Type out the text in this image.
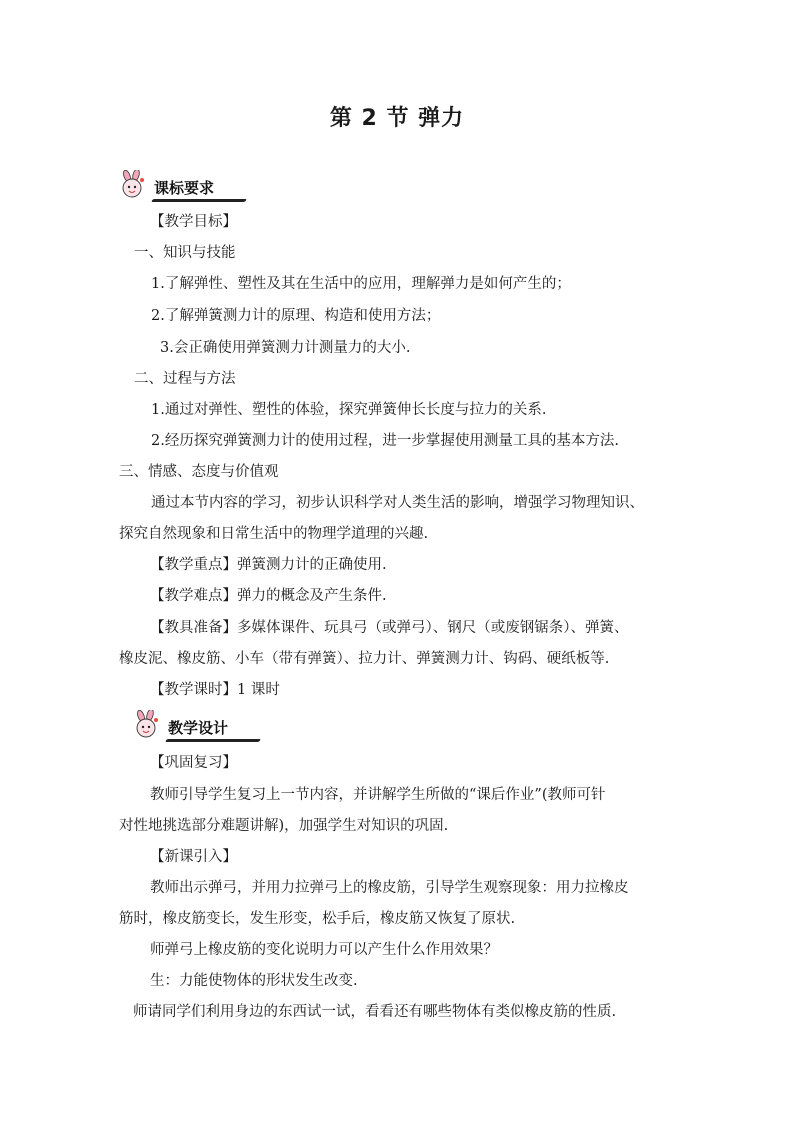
第 2 节 弹力
课标要求
【教学目标】
一、知识与技能
1.了解弹性、塑性及其在生活中的应用，理解弹力是如何产生的；
2.了解弹簧测力计的原理、构造和使用方法；
3.会正确使用弹簧测力计测量力的大小.
二、过程与方法
1.通过对弹性、塑性的体验，探究弹簧伸长长度与拉力的关系.
2.经历探究弹簧测力计的使用过程，进一步掌握使用测量工具的基本方法.
三、情感、态度与价值观
通过本节内容的学习，初步认识科学对人类生活的影响，增强学习物理知识、
探究自然现象和日常生活中的物理学道理的兴趣.
【教学重点】弹簧测力计的正确使用.
【教学难点】弹力的概念及产生条件.
【教具准备】多媒体课件、玩具弓（或弹弓）、钢尺（或废钢锯条）、弹簧、
橡皮泥、橡皮筋、小车（带有弹簧）、拉力计、弹簧测力计、钩码、硬纸板等.
【教学课时】1 课时
教学设计
【巩固复习】
教师引导学生复习上一节内容，并讲解学生所做的“课后作业”(教师可针
对性地挑选部分难题讲解)，加强学生对知识的巩固.
【新课引入】
教师出示弹弓，并用力拉弹弓上的橡皮筋，引导学生观察现象：用力拉橡皮
筋时，橡皮筋变长，发生形变，松手后，橡皮筋又恢复了原状.
师弹弓上橡皮筋的变化说明力可以产生什么作用效果？
生：力能使物体的形状发生改变.
师请同学们利用身边的东西试一试，看看还有哪些物体有类似橡皮筋的性质.
